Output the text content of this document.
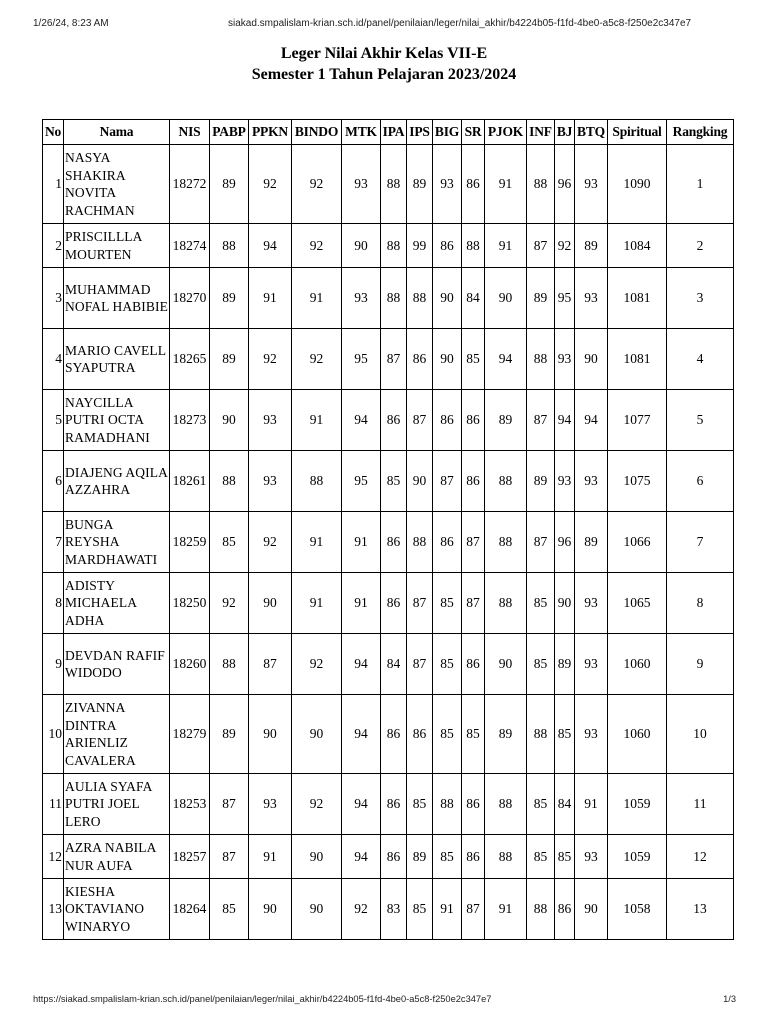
1/26/24, 8:23 AM	siakad.smpalislam-krian.sch.id/panel/penilaian/leger/nilai_akhir/b4224b05-f1fd-4be0-a5c8-f250e2c347e7
Leger Nilai Akhir Kelas VII-E
Semester 1 Tahun Pelajaran 2023/2024
No	Nama	NIS	PABP	PPKN	BINDO	MTK	IPA	IPS	BIG	SR	PJOK	INF	BJ	BTQ	Spiritual	Rangking
1	NASYA SHAKIRA NOVITA RACHMAN	18272	89	92	92	93	88	89	93	86	91	88	96	93	1090	1
2	PRISCILLLA MOURTEN	18274	88	94	92	90	88	99	86	88	91	87	92	89	1084	2
3	MUHAMMAD NOFAL HABIBIE	18270	89	91	91	93	88	88	90	84	90	89	95	93	1081	3
4	MARIO CAVELL SYAPUTRA	18265	89	92	92	95	87	86	90	85	94	88	93	90	1081	4
5	NAYCILLA PUTRI OCTA RAMADHANI	18273	90	93	91	94	86	87	86	86	89	87	94	94	1077	5
6	DIAJENG AQILA AZZAHRA	18261	88	93	88	95	85	90	87	86	88	89	93	93	1075	6
7	BUNGA REYSHA MARDHAWATI	18259	85	92	91	91	86	88	86	87	88	87	96	89	1066	7
8	ADISTY MICHAELA ADHA	18250	92	90	91	91	86	87	85	87	88	85	90	93	1065	8
9	DEVDAN RAFIF WIDODO	18260	88	87	92	94	84	87	85	86	90	85	89	93	1060	9
10	ZIVANNA DINTRA ARIENLIZ CAVALERA	18279	89	90	90	94	86	86	85	85	89	88	85	93	1060	10
11	AULIA SYAFA PUTRI JOEL LERO	18253	87	93	92	94	86	85	88	86	88	85	84	91	1059	11
12	AZRA NABILA NUR AUFA	18257	87	91	90	94	86	89	85	86	88	85	85	93	1059	12
13	KIESHA OKTAVIANO WINARYO	18264	85	90	90	92	83	85	91	87	91	88	86	90	1058	13
https://siakad.smpalislam-krian.sch.id/panel/penilaian/leger/nilai_akhir/b4224b05-f1fd-4be0-a5c8-f250e2c347e7	1/3
